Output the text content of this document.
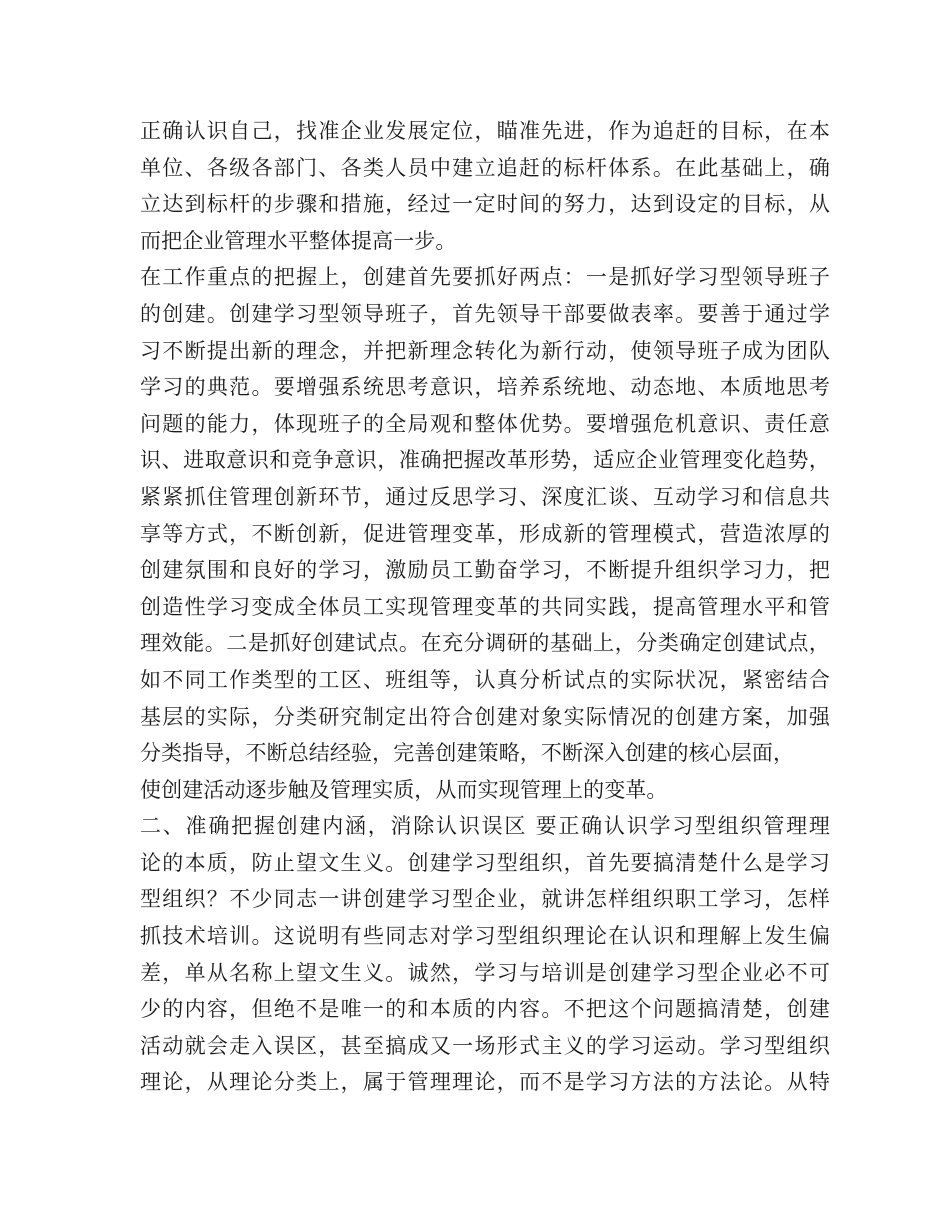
正确认识自己，找准企业发展定位，瞄准先进，作为追赶的目标，在本
单位、各级各部门、各类人员中建立追赶的标杆体系。在此基础上，确
立达到标杆的步骤和措施，经过一定时间的努力，达到设定的目标，从
而把企业管理水平整体提高一步。
在工作重点的把握上，创建首先要抓好两点：一是抓好学习型领导班子
的创建。创建学习型领导班子，首先领导干部要做表率。要善于通过学
习不断提出新的理念，并把新理念转化为新行动，使领导班子成为团队
学习的典范。要增强系统思考意识，培养系统地、动态地、本质地思考
问题的能力，体现班子的全局观和整体优势。要增强危机意识、责任意
识、进取意识和竞争意识，准确把握改革形势，适应企业管理变化趋势，
紧紧抓住管理创新环节，通过反思学习、深度汇谈、互动学习和信息共
享等方式，不断创新，促进管理变革，形成新的管理模式，营造浓厚的
创建氛围和良好的学习，激励员工勤奋学习，不断提升组织学习力，把
创造性学习变成全体员工实现管理变革的共同实践，提高管理水平和管
理效能。二是抓好创建试点。在充分调研的基础上，分类确定创建试点，
如不同工作类型的工区、班组等，认真分析试点的实际状况，紧密结合
基层的实际，分类研究制定出符合创建对象实际情况的创建方案，加强
分类指导，不断总结经验，完善创建策略，不断深入创建的核心层面，
使创建活动逐步触及管理实质，从而实现管理上的变革。
二、准确把握创建内涵，消除认识误区 要正确认识学习型组织管理理
论的本质，防止望文生义。创建学习型组织，首先要搞清楚什么是学习
型组织？不少同志一讲创建学习型企业，就讲怎样组织职工学习，怎样
抓技术培训。这说明有些同志对学习型组织理论在认识和理解上发生偏
差，单从名称上望文生义。诚然，学习与培训是创建学习型企业必不可
少的内容，但绝不是唯一的和本质的内容。不把这个问题搞清楚，创建
活动就会走入误区，甚至搞成又一场形式主义的学习运动。学习型组织
理论，从理论分类上，属于管理理论，而不是学习方法的方法论。从特
